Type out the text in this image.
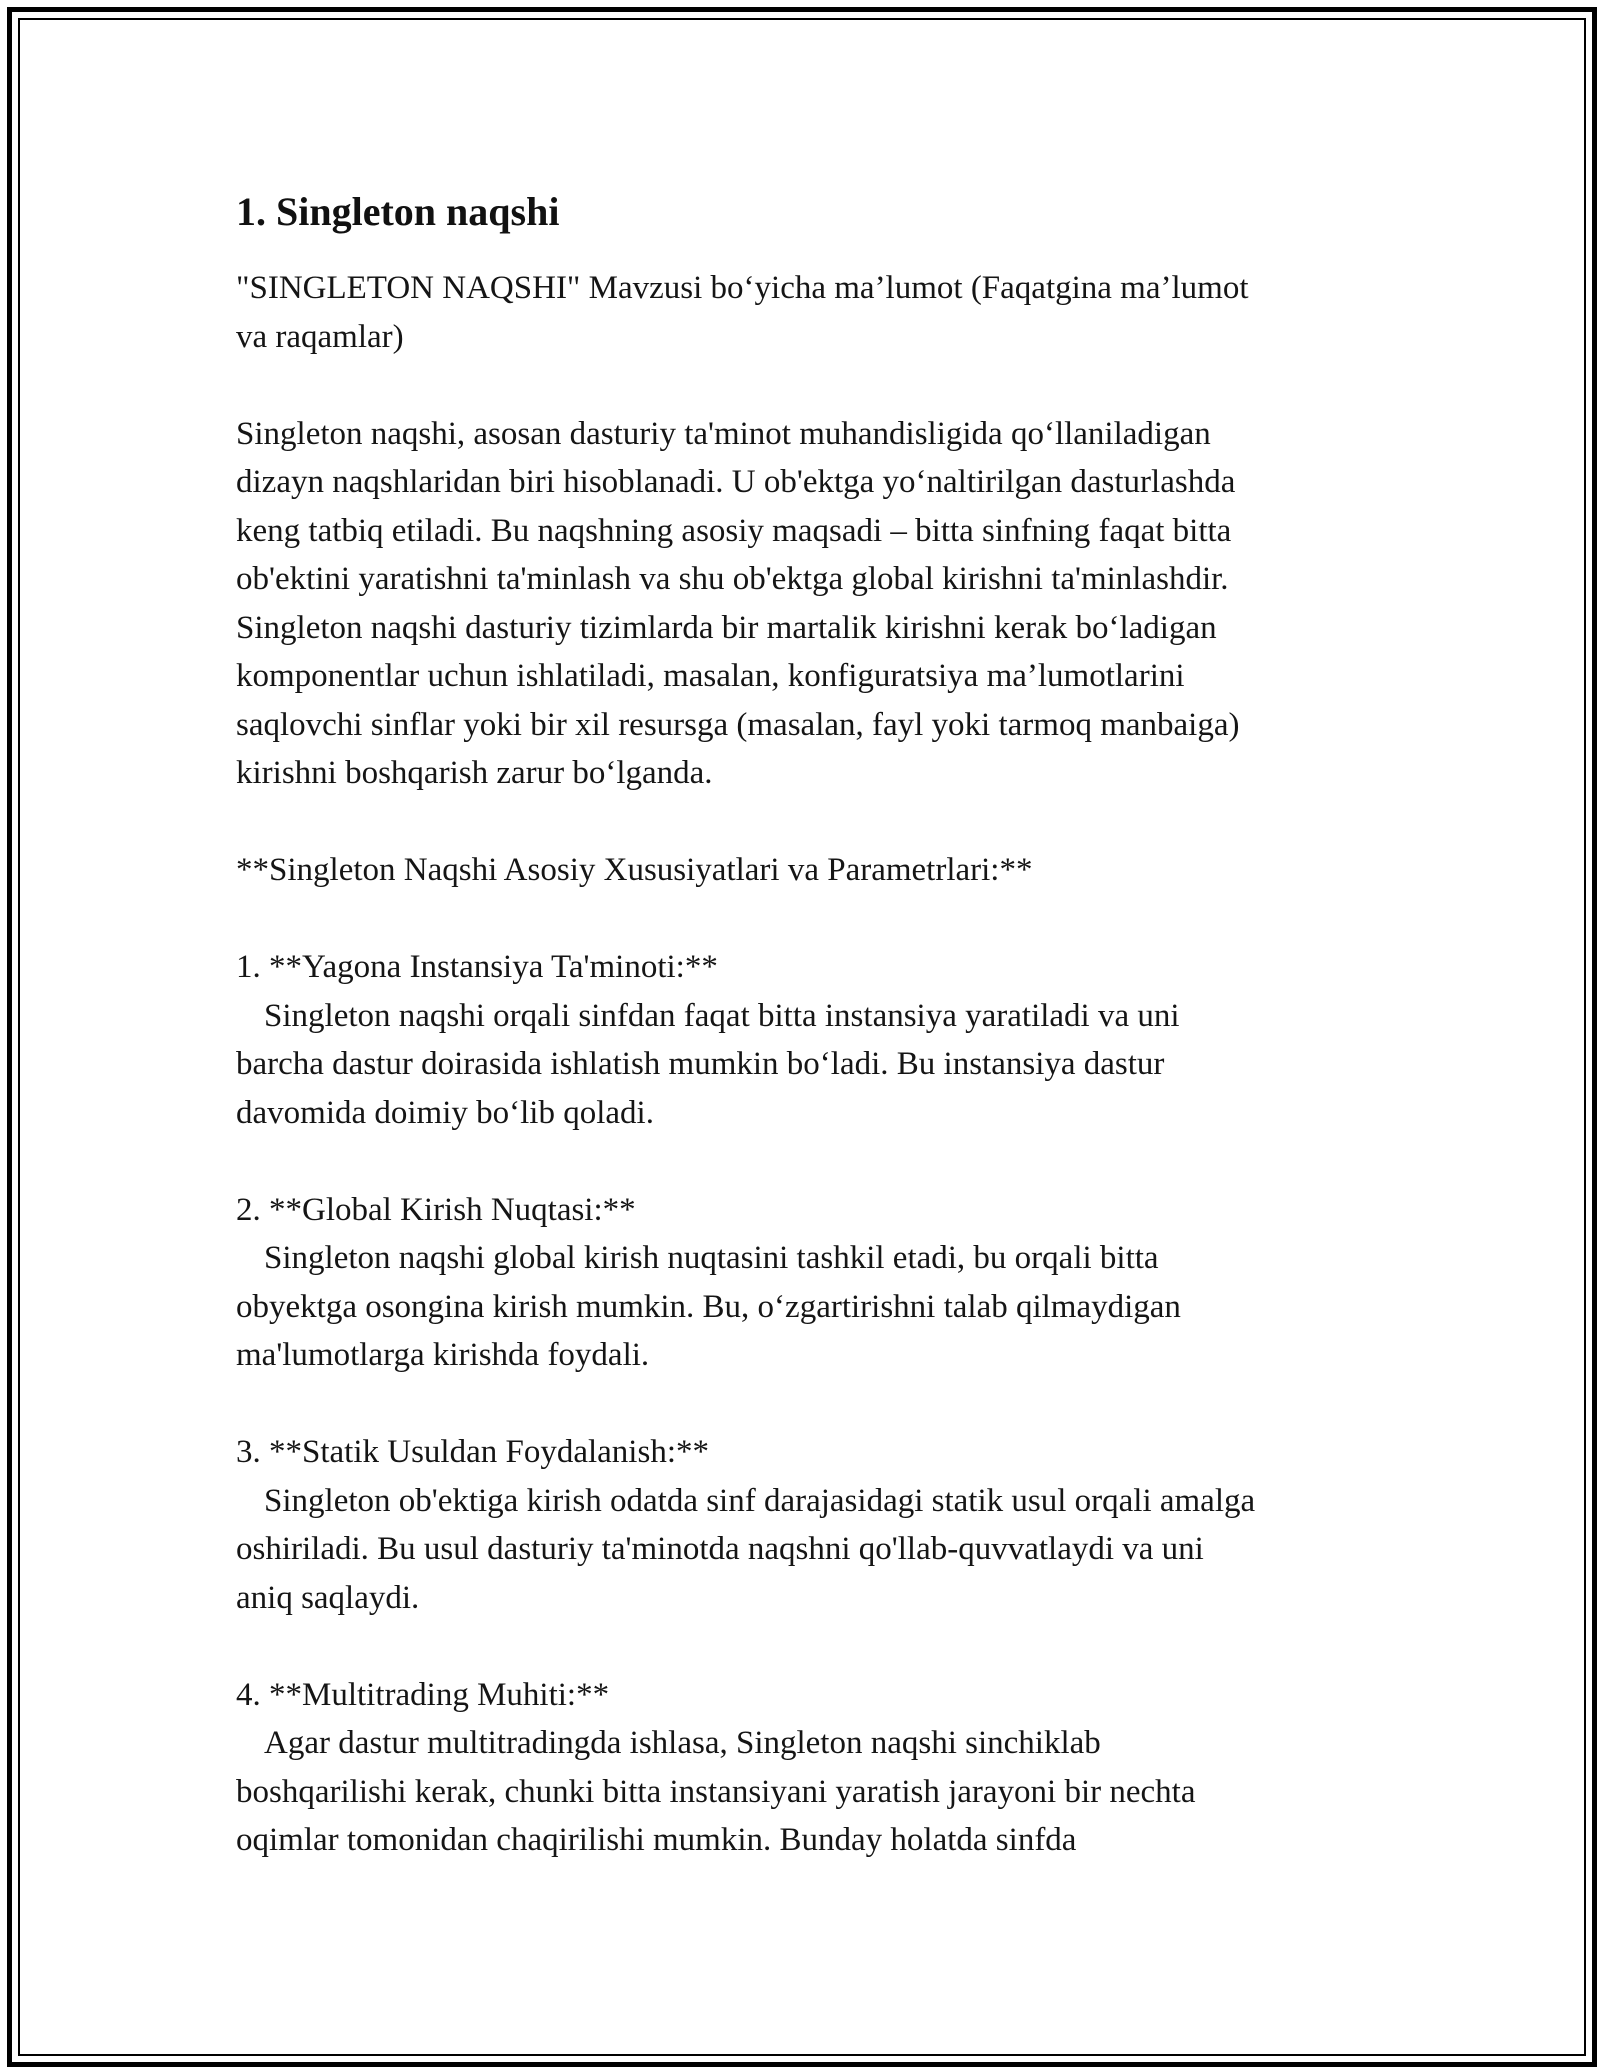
1. Singleton naqshi

"SINGLETON NAQSHI" Mavzusi bo‘yicha ma’lumot (Faqatgina ma’lumot
va raqamlar)

Singleton naqshi, asosan dasturiy ta'minot muhandisligida qo‘llaniladigan
dizayn naqshlaridan biri hisoblanadi. U ob'ektga yo‘naltirilgan dasturlashda
keng tatbiq etiladi. Bu naqshning asosiy maqsadi – bitta sinfning faqat bitta
ob'ektini yaratishni ta'minlash va shu ob'ektga global kirishni ta'minlashdir.
Singleton naqshi dasturiy tizimlarda bir martalik kirishni kerak bo‘ladigan
komponentlar uchun ishlatiladi, masalan, konfiguratsiya ma’lumotlarini
saqlovchi sinflar yoki bir xil resursga (masalan, fayl yoki tarmoq manbaiga)
kirishni boshqarish zarur bo‘lganda.

**Singleton Naqshi Asosiy Xususiyatlari va Parametrlari:**

1. **Yagona Instansiya Ta'minoti:**

Singleton naqshi orqali sinfdan faqat bitta instansiya yaratiladi va uni
barcha dastur doirasida ishlatish mumkin bo‘ladi. Bu instansiya dastur
davomida doimiy bo‘lib qoladi.

2. **Global Kirish Nuqtasi:**

Singleton naqshi global kirish nuqtasini tashkil etadi, bu orqali bitta
obyektga osongina kirish mumkin. Bu, o‘zgartirishni talab qilmaydigan
ma'lumotlarga kirishda foydali.

3. **Statik Usuldan Foydalanish:**

Singleton ob'ektiga kirish odatda sinf darajasidagi statik usul orqali amalga
oshiriladi. Bu usul dasturiy ta'minotda naqshni qo'llab-quvvatlaydi va uni
aniq saqlaydi.

4. **Multitrading Muhiti:**

Agar dastur multitradingda ishlasa, Singleton naqshi sinchiklab
boshqarilishi kerak, chunki bitta instansiyani yaratish jarayoni bir nechta
oqimlar tomonidan chaqirilishi mumkin. Bunday holatda sinfda
